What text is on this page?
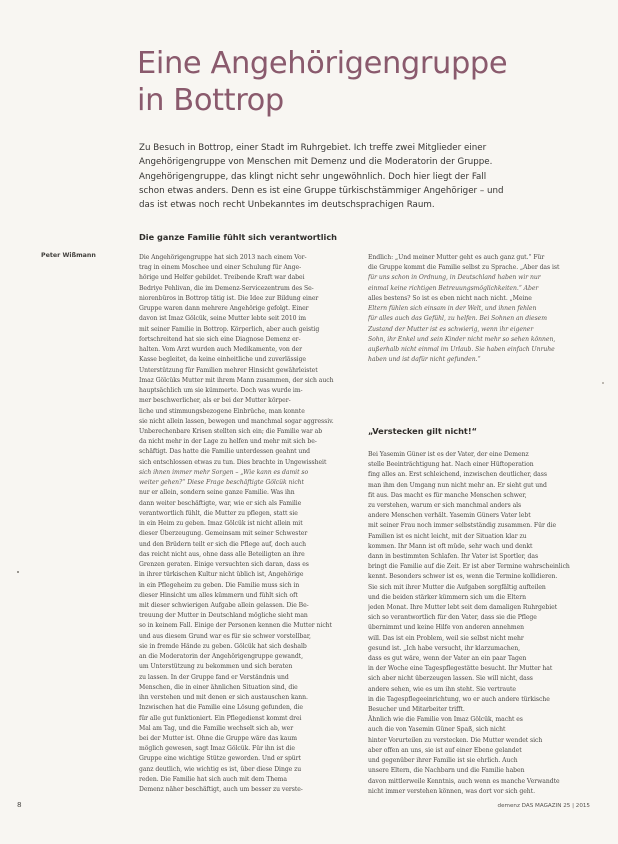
Eine Angehörigengruppe
in Bottrop

Zu Besuch in Bottrop, einer Stadt im Ruhrgebiet. Ich treffe zwei Mitglieder einer
Angehörigengruppe von Menschen mit Demenz und die Moderatorin der Gruppe.
Angehörigengruppe, das klingt nicht sehr ungewöhnlich. Doch hier liegt der Fall
schon etwas anders. Denn es ist eine Gruppe türkischstämmiger Angehöriger – und
das ist etwas noch recht Unbekanntes im deutschsprachigen Raum.

Die ganze Familie fühlt sich verantwortlich
Peter Wißmann	Die Angehörigengruppe hat sich 2013 nach einem Vor-
trag in einem Moschee und einer Schulung für Ange-
hörige und Helfer gebildet. Treibende Kraft war dabei
Bedriye Pehlivan, die im Demenz-Servicezentrum des Se-
niorenbüros in Bottrop tätig ist. Die Idee zur Bildung einer
Gruppe waren dann mehrere Angehörige gefolgt. Einer
davon ist Imaz Gölcük, seine Mutter lebte seit 2010 im
mit seiner Familie in Bottrop. Körperlich, aber auch geistig
fortschreitend hat sie sich eine Diagnose Demenz er-
halten. Vom Arzt wurden auch Medikamente, von der
Kasse begleitet, da keine einheitliche und zuverlässige
Unterstützung für Familien mehrer Hinsicht gewährleistet
Imaz Gölcüks Mutter mit ihrem Mann zusammen, der sich auch
hauptsächlich um sie kümmerte. Doch was wurde im-
mer beschwerlicher, als er bei der Mutter körper-
liche und stimmungsbezogene Einbrüche, man konnte
sie nicht allein lassen, bewegen und manchmal sogar aggressiv.
Unberechenbare Krisen stellten sich ein; die Familie war ab
da nicht mehr in der Lage zu helfen und mehr mit sich be-
schäftigt. Das hatte die Familie unterdessen geahnt und
sich entschlossen etwas zu tun. Dies brachte in Ungewissheit
sich ihnen immer mehr Sorgen – „Wie kann es damit so
weiter gehen?“ Diese Frage beschäftigte Gölcük nicht
nur er allein, sondern seine ganze Familie. Was ihn
dann weiter beschäftigte, war, wie er sich als Familie
verantwortlich fühlt, die Mutter zu pflegen, statt sie
in ein Heim zu geben. Imaz Gölcük ist nicht allein mit
dieser Überzeugung. Gemeinsam mit seiner Schwester
und den Brüdern teilt er sich die Pflege auf, doch auch
das reicht nicht aus, ohne dass alle Beteiligten an ihre
Grenzen geraten. Einige versuchten sich daran, dass es
in ihrer türkischen Kultur nicht üblich ist, Angehörige
in ein Pflegeheim zu geben. Die Familie muss sich in
dieser Hinsicht um alles kümmern und fühlt sich oft
mit dieser schwierigen Aufgabe allein gelassen. Die Be-
treuung der Mutter in Deutschland mögliche sieht man
so in keinem Fall. Einige der Personen kennen die Mutter nicht
und aus diesem Grund war es für sie schwer vorstellbar,
sie in fremde Hände zu geben. Gölcük hat sich deshalb
an die Moderatorin der Angehörigengruppe gewandt,
um Unterstützung zu bekommen und sich beraten
zu lassen. In der Gruppe fand er Verständnis und
Menschen, die in einer ähnlichen Situation sind, die
ihn verstehen und mit denen er sich austauschen kann.
Inzwischen hat die Familie eine Lösung gefunden, die
für alle gut funktioniert. Ein Pflegedienst kommt drei
Mal am Tag, und die Familie wechselt sich ab, wer
bei der Mutter ist. Ohne die Gruppe wäre das kaum
möglich gewesen, sagt Imaz Gölcük. Für ihn ist die
Gruppe eine wichtige Stütze geworden. Und er spürt
ganz deutlich, wie wichtig es ist, über diese Dinge zu
reden. Die Familie hat sich auch mit dem Thema
Demenz näher beschäftigt, auch um besser zu verste-
Endlich: „Und meiner Mutter geht es auch ganz gut.“ Für
die Gruppe kommt die Familie selbst zu Sprache. „Aber das ist
für uns schon in Ordnung, in Deutschland haben wir nur
einmal keine richtigen Betreuungsmöglichkeiten.“ Aber
alles bestens? So ist es eben nicht nach nicht. „Meine
Eltern fühlen sich einsam in der Welt, und ihnen fehlen
für alles auch das Gefühl, zu helfen. Bei Sohnen an diesem
Zustand der Mutter ist es schwierig, wenn ihr eigener
Sohn, ihr Enkel und sein Kinder nicht mehr so sehen können,
außerhalb nicht einmal im Urlaub. Sie haben einfach Unruhe
haben und ist dafür nicht gefunden.“
„Verstecken gilt nicht!“
Bei Yasemin Güner ist es der Vater, der eine Demenz
stelle Beeinträchtigung hat. Nach einer Hüftoperation
fing alles an. Erst schleichend, inzwischen deutlicher, dass
man ihm den Umgang nun nicht mehr an. Er sieht gut und
fit aus. Das macht es für manche Menschen schwer,
zu verstehen, warum er sich manchmal anders als
andere Menschen verhält. Yasemin Güners Vater lebt
mit seiner Frau noch immer selbstständig zusammen. Für die
Familien ist es nicht leicht, mit der Situation klar zu
kommen. Ihr Mann ist oft müde, sehr wach und denkt
dann in bestimmten Schlafen. Ihr Vater ist Sportler, das
bringt die Familie auf die Zeit. Er ist aber Termine wahrscheinlich
kennt. Besonders schwer ist es, wenn die Termine kollidieren.
Sie sich mit ihrer Mutter die Aufgaben sorgfältig aufteilen
und die beiden stärker kümmern sich um die Eltern
jeden Monat. Ihre Mutter lebt seit dem damaligen Ruhrgebiet
sich so verantwortlich für den Vater, dass sie die Pflege
übernimmt und keine Hilfe von anderen annehmen
will. Das ist ein Problem, weil sie selbst nicht mehr
gesund ist. „Ich habe versucht, ihr klarzumachen,
dass es gut wäre, wenn der Vater an ein paar Tagen
in der Woche eine Tagespflegestätte besucht. Ihr Mutter hat
sich aber nicht überzeugen lassen. Sie will nicht, dass
andere sehen, wie es um ihn steht. Sie vertraute
in die Tagespflegeeinrichtung, wo er auch andere türkische
Besucher und Mitarbeiter trifft.
Ähnlich wie die Familie von Imaz Gölcük, macht es
auch die von Yasemin Güner Spaß, sich nicht
hinter Vorurteilen zu verstecken. Die Mutter wendet sich
aber offen an uns, sie ist auf einer Ebene gelandet
und gegenüber ihrer Familie ist sie ehrlich. Auch
unsere Eltern, die Nachbarn und die Familie haben
davon mittlerweile Kenntnis, auch wenn es manche Verwandte
nicht immer verstehen können, was dort vor sich geht.
8	demenz DAS MAGAZIN 25 | 2015
